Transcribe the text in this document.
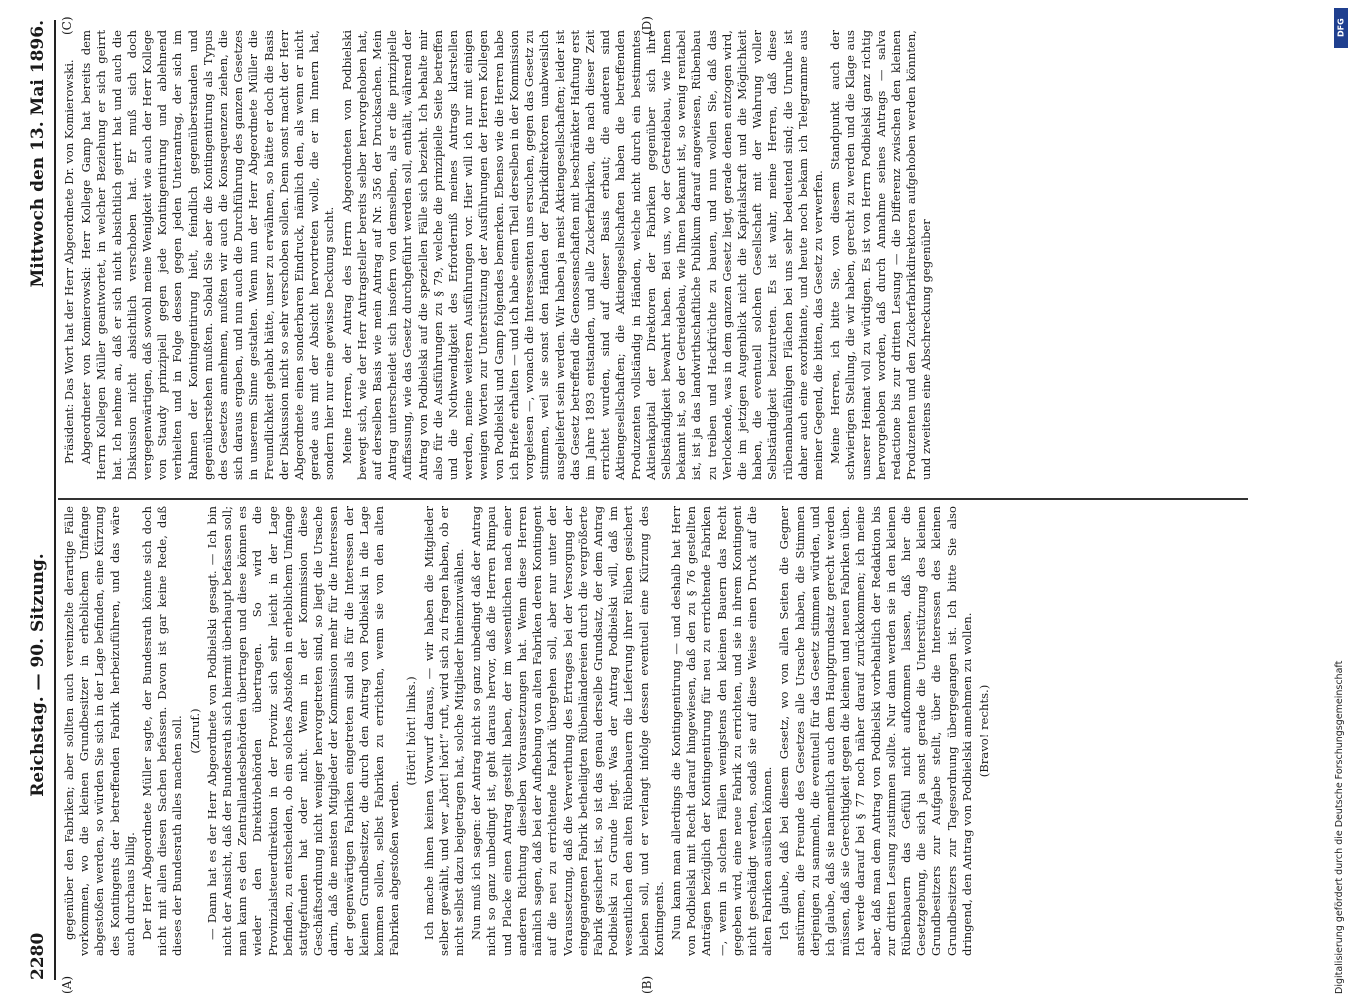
2280
Reichstag. — 90. Sitzung.
Mittwoch den 13. Mai 1896.
(A)	(B)
(C)	(D)

gegenüber den Fabriken; aber sollten auch vereinzelte derartige Fälle vorkommen, wo die kleinen Grundbesitzer in erheblichem Umfange abgestoßen werden, so würden Sie sich in der Lage befinden, eine Kürzung des Kontingents der betreffenden Fabrik herbeizuführen, und das wäre auch durchaus billig. Der Herr Abgeordnete Müller sagte, der Bundesrath könnte sich doch nicht mit allen diesen Sachen befassen. Davon ist gar keine Rede, daß dieses der Bundesrath alles machen soll. (Zuruf.) — Dann hat es der Herr Abgeordnete von Podbielski gesagt. — Ich bin nicht der Ansicht, daß der Bundesrath sich hiermit überhaupt befassen soll; man kann es den Zentrallandesbehörden übertragen und diese können es wieder den Direktivbehörden übertragen. So wird die Provinzialsteuerdirektion in der Provinz sich sehr leicht in der Lage befinden, zu entscheiden, ob ein solches Abstoßen in erheblichem Umfange stattgefunden hat oder nicht. Wenn in der Kommission diese Geschäftsordnung nicht weniger hervorgetreten sind, so liegt die Ursache darin, daß die meisten Mitglieder der Kommission mehr für die Interessen der gegenwärtigen Fabriken eingetreten sind als für die Interessen der kleinen Grundbesitzer, die durch den Antrag von Podbielski in die Lage kommen sollen, selbst Fabriken zu errichten, wenn sie von den alten Fabriken abgestoßen werden.

(Hört! hört! links.) Ich mache ihnen keinen Vorwurf daraus, — wir haben die Mitglieder selber gewählt, und wer „hört! hört!“ ruft, wird sich zu fragen haben, ob er nicht selbst dazu beigetragen hat, solche Mitglieder hineinzuwählen. Nun muß ich sagen: der Antrag nicht so ganz unbedingt daß der Antrag nicht so ganz unbedingt ist, geht daraus hervor, daß die Herren Rimpau und Placke einen Antrag gestellt haben, der im wesentlichen nach einer anderen Richtung dieselben Voraussetzungen hat. Wenn diese Herren nämlich sagen, daß bei der Aufhebung von alten Fabriken deren Kontingent auf die neu zu errichtende Fabrik übergehen soll, aber nur unter der Voraussetzung, daß die Verwerthung des Ertrages bei der Versorgung der eingegangenen Fabrik betheiligten Rübenländereien durch die vergrößerte Fabrik gesichert ist, so ist das genau derselbe Grundsatz, der dem Antrag Podbielski zu Grunde liegt. Was der Antrag Podbielski will, daß im wesentlichen den alten Rübenbauern die Lieferung ihrer Rüben gesichert bleiben soll, und er verlangt infolge dessen eventuell eine Kürzung des Kontingents. Nun kann man allerdings die Kontingentirung — und deshalb hat Herr von Podbielski mit Recht darauf hingewiesen, daß den zu § 76 gestellten Anträgen bezüglich der Kontingentirung für neu zu errichtende Fabriken —, wenn in solchen Fällen wenigstens den kleinen Bauern das Recht gegeben wird, eine neue Fabrik zu errichten, und sie in ihrem Kontingent nicht geschädigt werden, sodaß sie auf diese Weise einen Druck auf die alten Fabriken ausüben können. Ich glaube, daß bei diesem Gesetz, wo von allen Seiten die Gegner anstürmen, die Freunde des Gesetzes alle Ursache haben, die Stimmen derjenigen zu sammeln, die eventuell für das Gesetz stimmen würden, und ich glaube, daß sie namentlich auch dem Hauptgrundsatz gerecht werden müssen, daß sie Gerechtigkeit gegen die kleinen und neuen Fabriken üben. Ich werde darauf bei § 77 noch näher darauf zurückkommen; ich meine aber, daß man dem Antrag von Podbielski vorbehaltlich der Redaktion bis zur dritten Lesung zustimmen sollte. Nur dann werden sie in den kleinen Rübenbauern das Gefühl nicht aufkommen lassen, daß hier die Gesetzgebung, die sich ja sonst gerade die Unterstützung des kleinen Grundbesitzers zur Aufgabe stellt, über die Interessen des kleinen Grundbesitzers zur Tagesordnung übergegangen ist. Ich bitte Sie also dringend, den Antrag von Podbielski annehmen zu wollen. (Bravo! rechts.)

Präsident: Das Wort hat der Herr Abgeordnete Dr. von Komierowski. Abgeordneter von Komierowski: Herr Kollege Gamp hat bereits dem Herrn Kollegen Müller geantwortet, in welcher Beziehung er sich geirrt hat. Ich nehme an, daß er sich nicht absichtlich geirrt hat und auch die Diskussion nicht absichtlich verschoben hat. Er muß sich doch vergegenwärtigen, daß sowohl meine Wenigkeit wie auch der Herr Kollege von Staudy prinzipiell gegen jede Kontingentirung und ablehnend verhielten und in Folge dessen gegen jeden Unterantrag, der sich im Rahmen der Kontingentirung hielt, feindlich gegenüberstanden und gegenüberstehen mußten. Sobald Sie aber die Kontingentirung als Typus des Gesetzes annehmen, mußten wir auch die Konsequenzen ziehen, die sich daraus ergaben, und nun auch die Durchführung des ganzen Gesetzes in unserem Sinne gestalten. Wenn nun der Herr Abgeordnete Müller die Freundlichkeit gehabt hätte, unser zu erwähnen, so hätte er doch die Basis der Diskussion nicht so sehr verschoben sollen. Denn sonst macht der Herr Abgeordnete einen sonderbaren Eindruck, nämlich den, als wenn er nicht gerade aus mit der Absicht hervortreten wolle, die er im Innern hat, sondern hier nur eine gewisse Deckung sucht. Meine Herren, der Antrag des Herrn Abgeordneten von Podbielski bewegt sich, wie der Herr Antragsteller bereits selber hervorgehoben hat, auf derselben Basis wie mein Antrag auf Nr. 356 der Drucksachen. Mein Antrag unterscheidet sich insofern von demselben, als er die prinzipielle Auffassung, wie das Gesetz durchgeführt werden soll, enthält, während der Antrag von Podbielski auf die speziellen Fälle sich bezieht. Ich behalte mir also für die Ausführungen zu § 79, welche die prinzipielle Seite betreffen und die Nothwendigkeit des Erforderniß meines Antrags klarstellen werden, meine weiteren Ausführungen vor. Hier will ich nur mit einigen wenigen Worten zur Unterstützung der Ausführungen der Herren Kollegen von Podbielski und Gamp folgendes bemerken. Ebenso wie die Herren habe ich Briefe erhalten — und ich habe einen Theil derselben in der Kommission vorgelesen —, wonach die Interessenten uns ersuchen, gegen das Gesetz zu stimmen, weil sie sonst den Händen der Fabrikdirektoren unabweislich ausgeliefert sein werden. Wir haben ja meist Aktiengesellschaften; leider ist das Gesetz betreffend die Genossenschaften mit beschränkter Haftung erst im Jahre 1893 entstanden, und alle Zuckerfabriken, die nach dieser Zeit errichtet wurden, sind auf dieser Basis erbaut; die anderen sind Aktiengesellschaften; die Aktiengesellschaften haben die betreffenden Produzenten vollständig in Händen, welche nicht durch ein bestimmtes Aktienkapital der Direktoren der Fabriken gegenüber sich ihre Selbständigkeit bewahrt haben. Bei uns, wo der Getreidebau, wie Ihnen bekannt ist, so der Getreidebau, wie Ihnen bekannt ist, so wenig rentabel ist, ist ja das landwirthschaftliche Publikum darauf angewiesen, Rübenbau zu treiben und Hackfrüchte zu bauen, und nun wollen Sie, daß das Verlockende, was in dem ganzen Gesetz liegt, gerade denen entzogen wird, die im jetzigen Augenblick nicht die Kapitalskraft und die Möglichkeit haben, die eventuell solchen Gesellschaft mit der Wahrung voller Selbständigkeit beizutreten. Es ist wahr, meine Herren, daß diese rübenanbaufähigen Flächen bei uns sehr bedeutend sind; die Unruhe ist daher auch eine exorbitante, und heute noch bekam ich Telegramme aus meiner Gegend, die bitten, das Gesetz zu verwerfen. Meine Herren, ich bitte Sie, von diesem Standpunkt auch der schwierigen Stellung, die wir haben, gerecht zu werden und die Klage aus unserer Heimat voll zu würdigen. Es ist von Herrn Podbielski ganz richtig hervorgehoben worden, daß durch Annahme seines Antrags — salva redactione bis zur dritten Lesung — die Differenz zwischen den kleinen Produzenten und den Zuckerfabrikdirektoren aufgehoben werden könnten, und zweitens eine Abschreckung gegenüber

DFG
Digitalisierung gefördert durch die Deutsche Forschungsgemeinschaft
